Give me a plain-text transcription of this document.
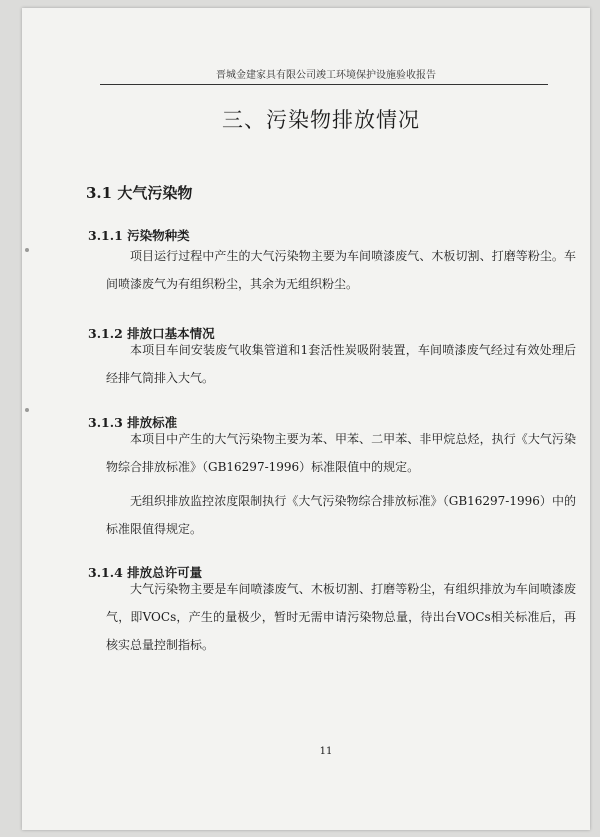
晋城金建家具有限公司竣工环境保护设施验收报告
三、污染物排放情况
3.1 大气污染物
3.1.1 污染物种类

项目运行过程中产生的大气污染物主要为车间喷漆废气、木板切割、打磨等粉尘。车间喷漆废气为有组织粉尘，其余为无组织粉尘。

3.1.2 排放口基本情况

本项目车间安装废气收集管道和1套活性炭吸附装置，车间喷漆废气经过有效处理后经排气筒排入大气。

3.1.3 排放标准

本项目中产生的大气污染物主要为苯、甲苯、二甲苯、非甲烷总烃，执行《大气污染物综合排放标准》（GB16297-1996）标准限值中的规定。

无组织排放监控浓度限制执行《大气污染物综合排放标准》（GB16297-1996）中的标准限值得规定。

3.1.4 排放总许可量

大气污染物主要是车间喷漆废气、木板切割、打磨等粉尘，有组织排放为车间喷漆废气，即VOCs，产生的量极少，暂时无需申请污染物总量，待出台VOCs相关标准后，再核实总量控制指标。

11
